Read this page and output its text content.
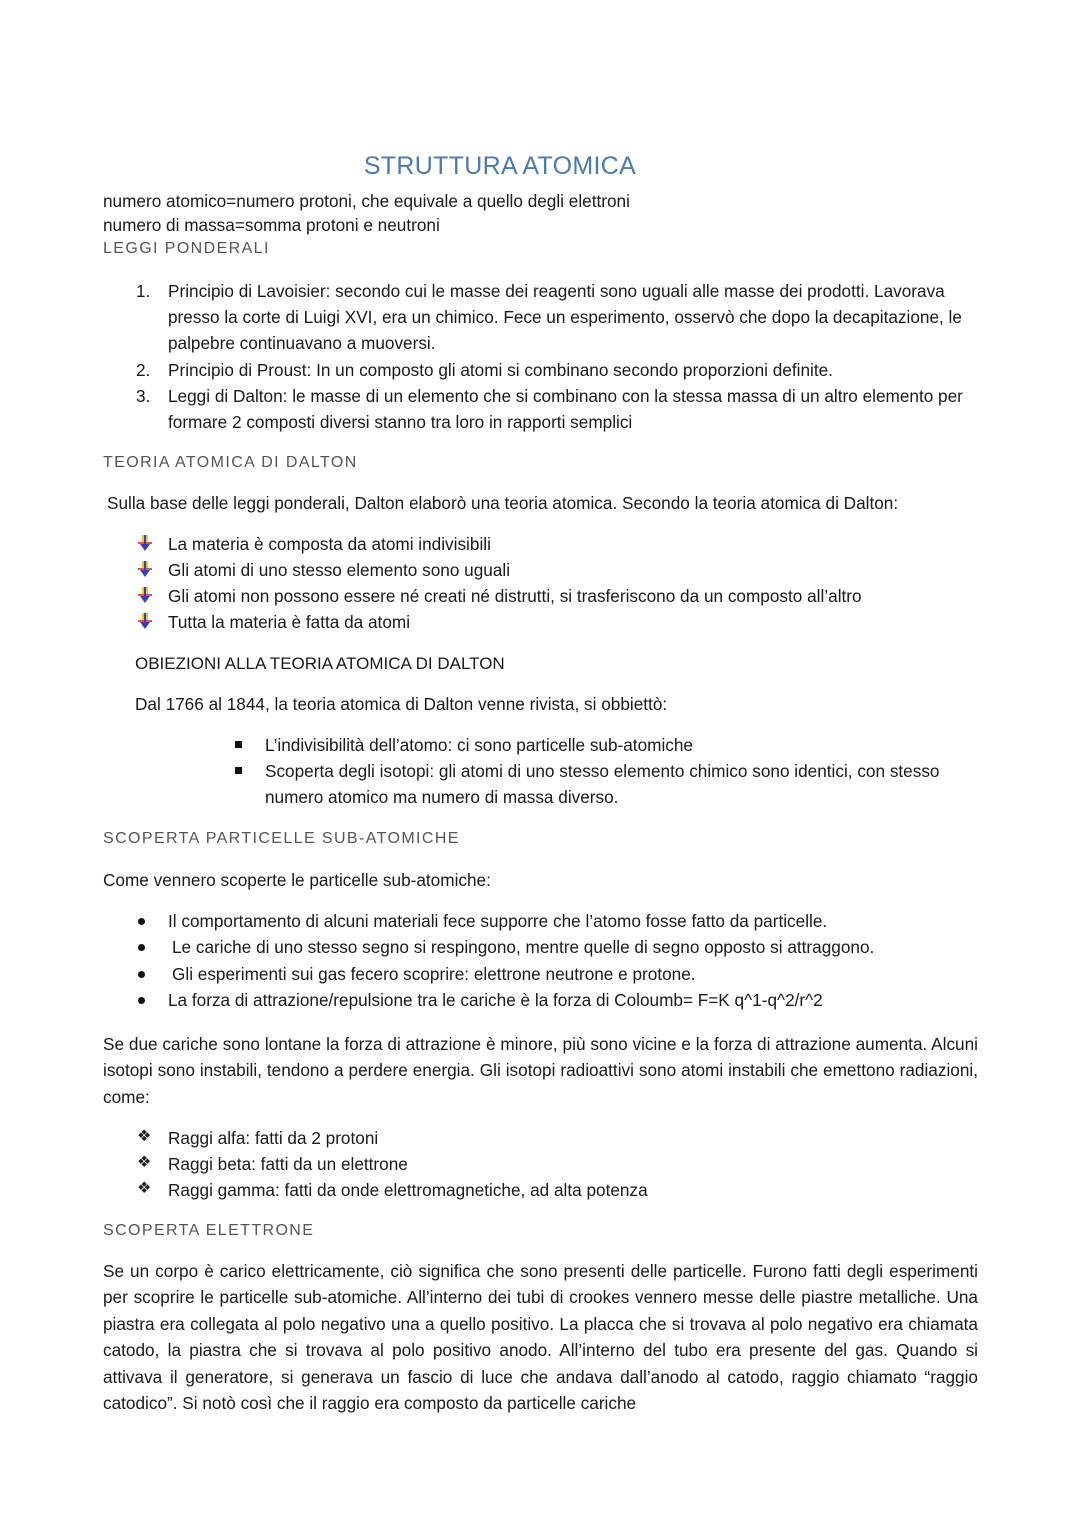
STRUTTURA ATOMICA
numero atomico=numero protoni, che equivale a quello degli elettroni
numero di massa=somma protoni e neutroni
LEGGI PONDERALI
1. Principio di Lavoisier: secondo cui le masse dei reagenti sono uguali alle masse dei prodotti. Lavorava presso la corte di Luigi XVI, era un chimico. Fece un esperimento, osservò che dopo la decapitazione, le palpebre continuavano a muoversi.
2. Principio di Proust: In un composto gli atomi si combinano secondo proporzioni definite.
3. Leggi di Dalton: le masse di un elemento che si combinano con la stessa massa di un altro elemento per formare 2 composti diversi stanno tra loro in rapporti semplici
TEORIA ATOMICA DI DALTON
Sulla base delle leggi ponderali, Dalton elaborò una teoria atomica. Secondo la teoria atomica di Dalton:
La materia è composta da atomi indivisibili
Gli atomi di uno stesso elemento sono uguali
Gli atomi non possono essere né creati né distrutti, si trasferiscono da un composto all’altro
Tutta la materia è fatta da atomi
OBIEZIONI ALLA TEORIA ATOMICA DI DALTON
Dal 1766 al 1844, la teoria atomica di Dalton venne rivista, si obbiettò:
L’indivisibilità dell’atomo: ci sono particelle sub-atomiche
Scoperta degli isotopi: gli atomi di uno stesso elemento chimico sono identici, con stesso numero atomico ma numero di massa diverso.
SCOPERTA PARTICELLE SUB-ATOMICHE
Come vennero scoperte le particelle sub-atomiche:
Il comportamento di alcuni materiali fece supporre che l’atomo fosse fatto da particelle.
Le cariche di uno stesso segno si respingono, mentre quelle di segno opposto si attraggono.
Gli esperimenti sui gas fecero scoprire: elettrone neutrone e protone.
La forza di attrazione/repulsione tra le cariche è la forza di Coloumb= F=K q^1-q^2/r^2
Se due cariche sono lontane la forza di attrazione è minore, più sono vicine e la forza di attrazione aumenta. Alcuni isotopi sono instabili, tendono a perdere energia. Gli isotopi radioattivi sono atomi instabili che emettono radiazioni, come:
❖ Raggi alfa: fatti da 2 protoni
❖ Raggi beta: fatti da un elettrone
❖ Raggi gamma: fatti da onde elettromagnetiche, ad alta potenza
SCOPERTA ELETTRONE
Se un corpo è carico elettricamente, ciò significa che sono presenti delle particelle. Furono fatti degli esperimenti per scoprire le particelle sub-atomiche. All’interno dei tubi di crookes vennero messe delle piastre metalliche. Una piastra era collegata al polo negativo una a quello positivo. La placca che si trovava al polo negativo era chiamata catodo, la piastra che si trovava al polo positivo anodo. All’interno del tubo era presente del gas. Quando si attivava il generatore, si generava un fascio di luce che andava dall’anodo al catodo, raggio chiamato “raggio catodico”. Si notò così che il raggio era composto da particelle cariche
